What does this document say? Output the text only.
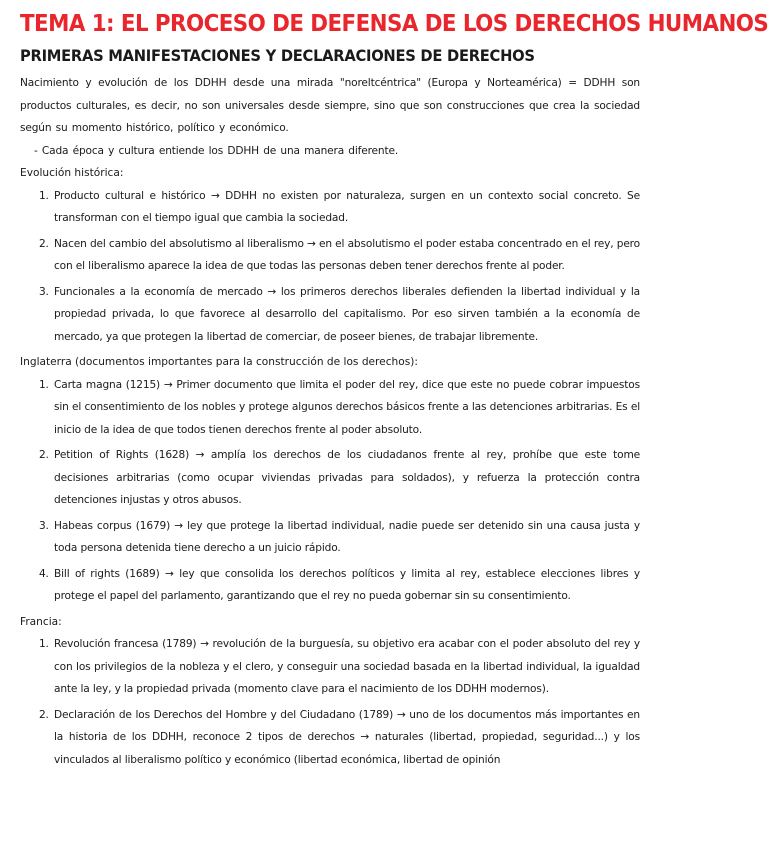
TEMA 1: EL PROCESO DE DEFENSA DE LOS DERECHOS HUMANOS
PRIMERAS MANIFESTACIONES Y DECLARACIONES DE DERECHOS

Nacimiento y evolución de los DDHH desde una mirada "noreltcéntrica" (Europa y Norteamérica) = DDHH son productos culturales, es decir, no son universales desde siempre, sino que son construcciones que crea la sociedad según su momento histórico, político y económico.

- Cada época y cultura entiende los DDHH de una manera diferente.

Evolución histórica:

1. Producto cultural e histórico → DDHH no existen por naturaleza, surgen en un contexto social concreto. Se transforman con el tiempo igual que cambia la sociedad.
2. Nacen del cambio del absolutismo al liberalismo → en el absolutismo el poder estaba concentrado en el rey, pero con el liberalismo aparece la idea de que todas las personas deben tener derechos frente al poder.
3. Funcionales a la economía de mercado → los primeros derechos liberales defienden la libertad individual y la propiedad privada, lo que favorece al desarrollo del capitalismo. Por eso sirven también a la economía de mercado, ya que protegen la libertad de comerciar, de poseer bienes, de trabajar libremente.

Inglaterra (documentos importantes para la construcción de los derechos):

1. Carta magna (1215) → Primer documento que limita el poder del rey, dice que este no puede cobrar impuestos sin el consentimiento de los nobles y protege algunos derechos básicos frente a las detenciones arbitrarias. Es el inicio de la idea de que todos tienen derechos frente al poder absoluto.
2. Petition of Rights (1628) → amplía los derechos de los ciudadanos frente al rey, prohíbe que este tome decisiones arbitrarias (como ocupar viviendas privadas para soldados), y refuerza la protección contra detenciones injustas y otros abusos.
3. Habeas corpus (1679) → ley que protege la libertad individual, nadie puede ser detenido sin una causa justa y toda persona detenida tiene derecho a un juicio rápido.
4. Bill of rights (1689) → ley que consolida los derechos políticos y limita al rey, establece elecciones libres y protege el papel del parlamento, garantizando que el rey no pueda gobernar sin su consentimiento.

Francia:

1. Revolución francesa (1789) → revolución de la burguesía, su objetivo era acabar con el poder absoluto del rey y con los privilegios de la nobleza y el clero, y conseguir una sociedad basada en la libertad individual, la igualdad ante la ley, y la propiedad privada (momento clave para el nacimiento de los DDHH modernos).
2. Declaración de los Derechos del Hombre y del Ciudadano (1789) → uno de los documentos más importantes en la historia de los DDHH, reconoce 2 tipos de derechos → naturales (libertad, propiedad, seguridad...) y los vinculados al liberalismo político y económico (libertad económica, libertad de opinión
